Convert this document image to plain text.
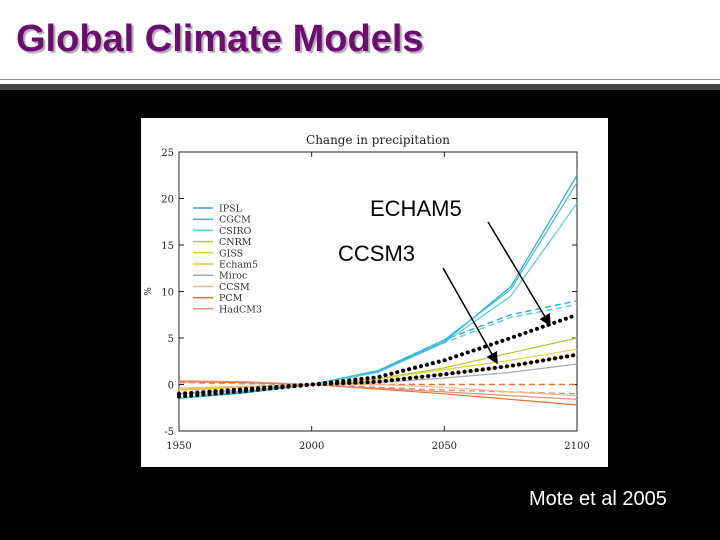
Global Climate Models
Change in precipitation
1950	2000	2050	2100
-5
0
5
10
15
20
25
%
IPSL
CGCM
CSIRO
CNRM
GISS
Echam5
Miroc
CCSM
PCM
HadCM3
ECHAM5
CCSM3
Mote et al 2005
